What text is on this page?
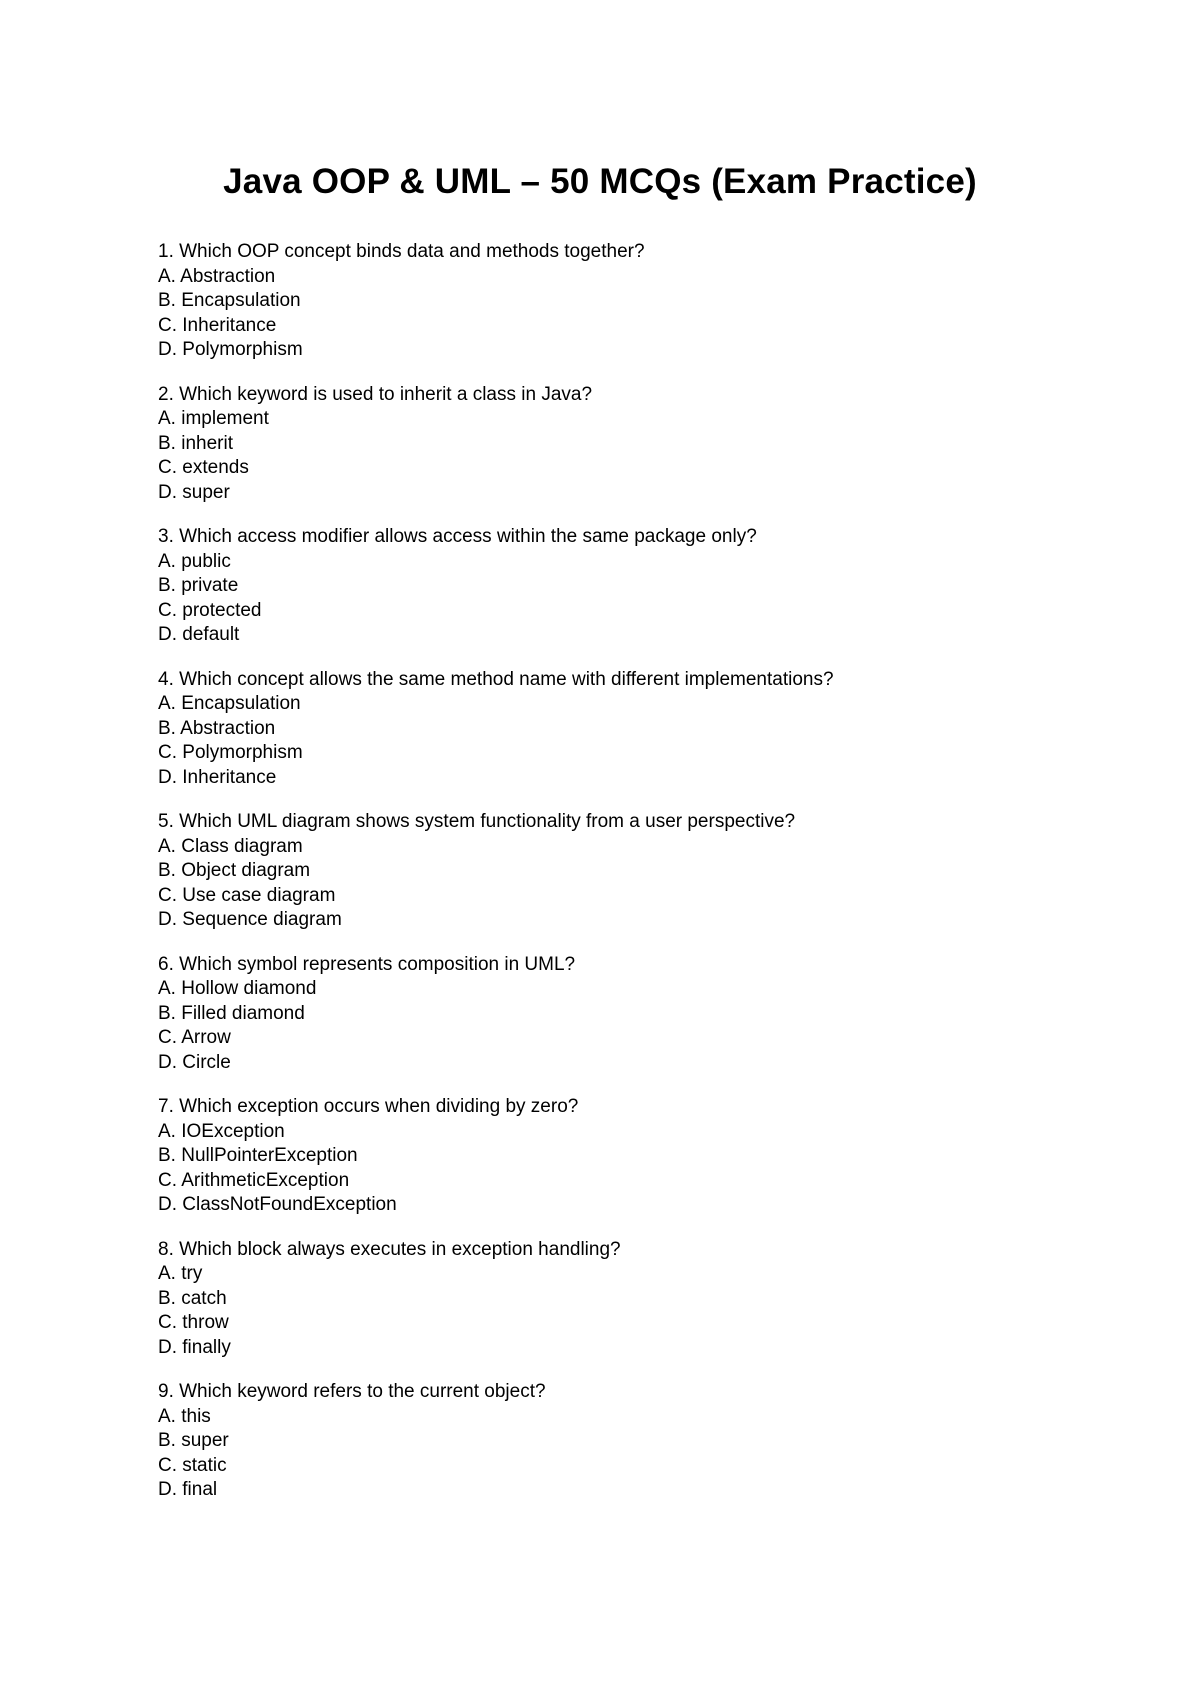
Java OOP & UML – 50 MCQs (Exam Practice)
1. Which OOP concept binds data and methods together?
A. Abstraction
B. Encapsulation
C. Inheritance
D. Polymorphism
2. Which keyword is used to inherit a class in Java?
A. implement
B. inherit
C. extends
D. super
3. Which access modifier allows access within the same package only?
A. public
B. private
C. protected
D. default
4. Which concept allows the same method name with different implementations?
A. Encapsulation
B. Abstraction
C. Polymorphism
D. Inheritance
5. Which UML diagram shows system functionality from a user perspective?
A. Class diagram
B. Object diagram
C. Use case diagram
D. Sequence diagram
6. Which symbol represents composition in UML?
A. Hollow diamond
B. Filled diamond
C. Arrow
D. Circle
7. Which exception occurs when dividing by zero?
A. IOException
B. NullPointerException
C. ArithmeticException
D. ClassNotFoundException
8. Which block always executes in exception handling?
A. try
B. catch
C. throw
D. finally
9. Which keyword refers to the current object?
A. this
B. super
C. static
D. final
